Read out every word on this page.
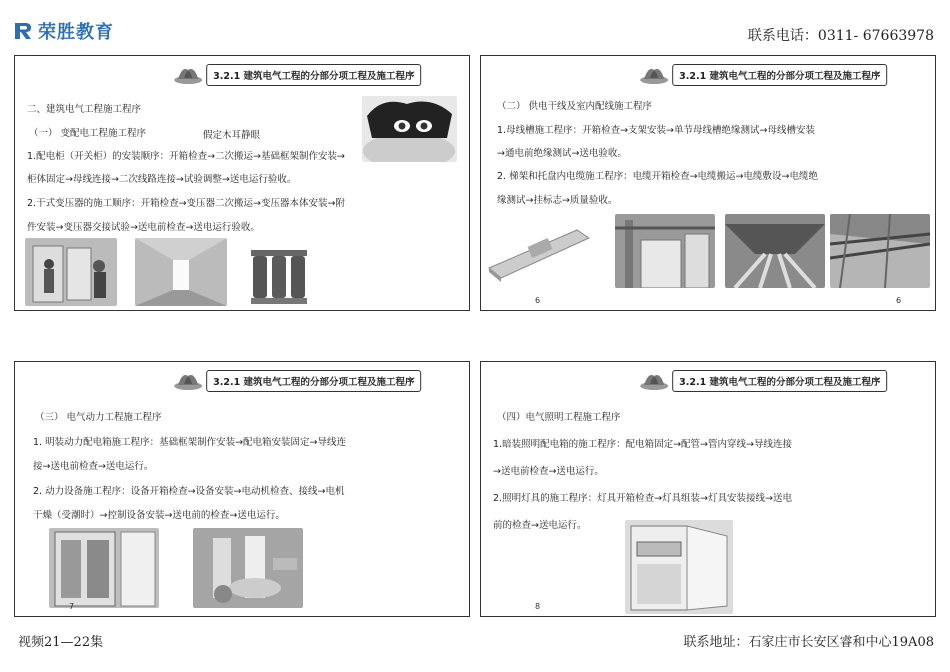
荣胜教育	联系电话：0311- 67663978
3.2.1 建筑电气工程的分部分项工程及施工程序
二、建筑电气工程施工程序
（一） 变配电工程施工程序	假定木耳静眼
1.配电柜（开关柜）的安装顺序：开箱检查→二次搬运→基础框架制作安装→
柜体固定→母线连接→二次线路连接→试验调整→送电运行验收。
2.干式变压器的施工顺序：开箱检查→变压器二次搬运→变压器本体安装→附
件安装→变压器交接试验→送电前检查→送电运行验收。
3.2.1 建筑电气工程的分部分项工程及施工程序
（二） 供电干线及室内配线施工程序
1.母线槽施工程序：开箱检查→支架安装→单节母线槽绝缘测试→母线槽安装
→通电前绝缘测试→送电验收。
2. 梯架和托盘内电缆施工程序：电缆开箱检查→电缆搬运→电缆敷设→电缆绝
缘测试→挂标志→质量验收。
6	6
3.2.1 建筑电气工程的分部分项工程及施工程序
（三） 电气动力工程施工程序
1. 明装动力配电箱施工程序：基础框架制作安装→配电箱安装固定→导线连
接→送电前检查→送电运行。
2. 动力设备施工程序：设备开箱检查→设备安装→电动机检查、接线→电机
干燥（受潮时）→控制设备安装→送电前的检查→送电运行。
7
3.2.1 建筑电气工程的分部分项工程及施工程序
（四）电气照明工程施工程序
1.暗装照明配电箱的施工程序：配电箱固定→配管→管内穿线→导线连接
→送电前检查→送电运行。
2.照明灯具的施工程序：灯具开箱检查→灯具组装→灯具安装接线→送电
前的检查→送电运行。
8
视频21—22集	联系地址：石家庄市长安区睿和中心19A08
